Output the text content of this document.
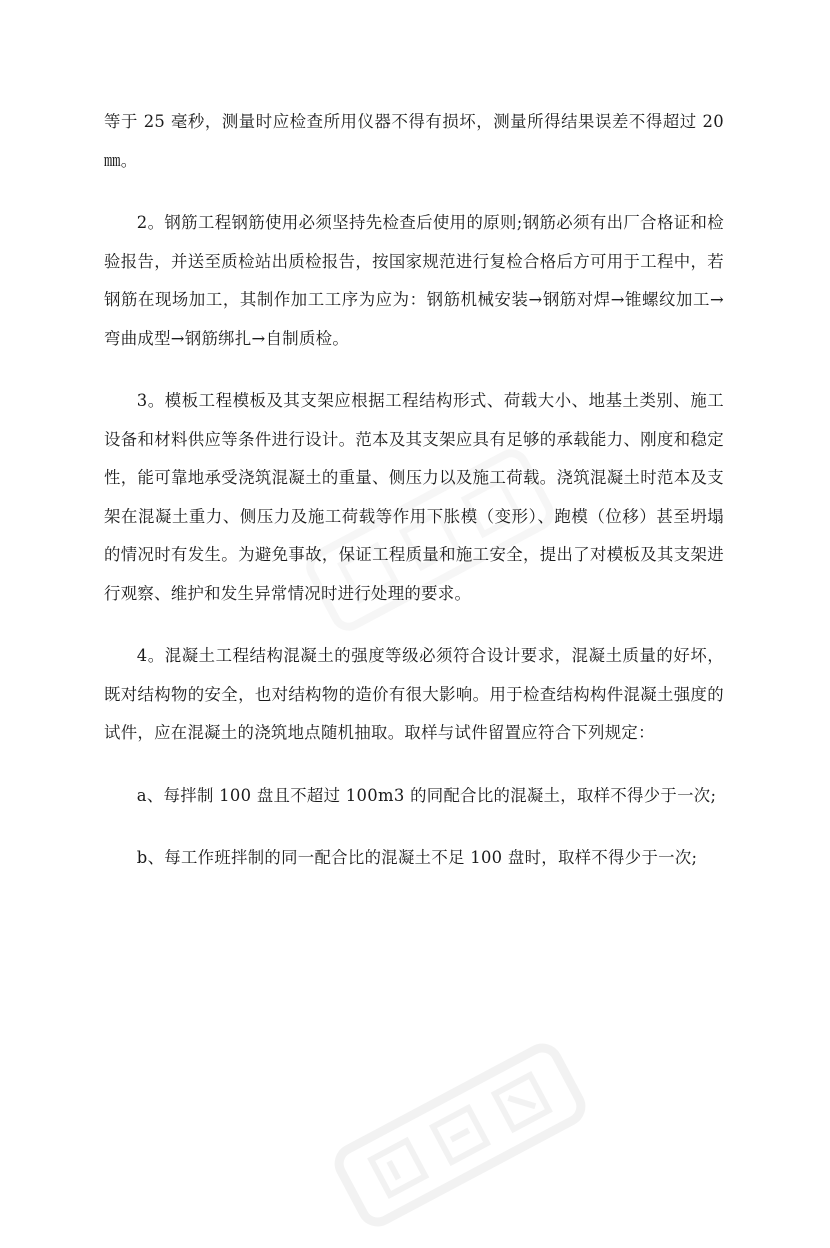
等于 25 毫秒，测量时应检查所用仪器不得有损坏，测量所得结果误差不得超过 20㎜。

2。钢筋工程钢筋使用必须坚持先检查后使用的原则;钢筋必须有出厂合格证和检验报告，并送至质检站出质检报告，按国家规范进行复检合格后方可用于工程中，若钢筋在现场加工，其制作加工工序为应为：钢筋机械安装→钢筋对焊→锥螺纹加工→弯曲成型→钢筋绑扎→自制质检。

3。模板工程模板及其支架应根据工程结构形式、荷载大小、地基土类别、施工设备和材料供应等条件进行设计。范本及其支架应具有足够的承载能力、刚度和稳定性，能可靠地承受浇筑混凝土的重量、侧压力以及施工荷载。浇筑混凝土时范本及支架在混凝土重力、侧压力及施工荷载等作用下胀模（变形）、跑模（位移）甚至坍塌的情况时有发生。为避免事故，保证工程质量和施工安全，提出了对模板及其支架进行观察、维护和发生异常情况时进行处理的要求。

4。混凝土工程结构混凝土的强度等级必须符合设计要求，混凝土质量的好坏，既对结构物的安全，也对结构物的造价有很大影响。用于检查结构构件混凝土强度的试件，应在混凝土的浇筑地点随机抽取。取样与试件留置应符合下列规定：

a、每拌制 100 盘且不超过 100m3 的同配合比的混凝土，取样不得少于一次;

b、每工作班拌制的同一配合比的混凝土不足 100 盘时，取样不得少于一次;
